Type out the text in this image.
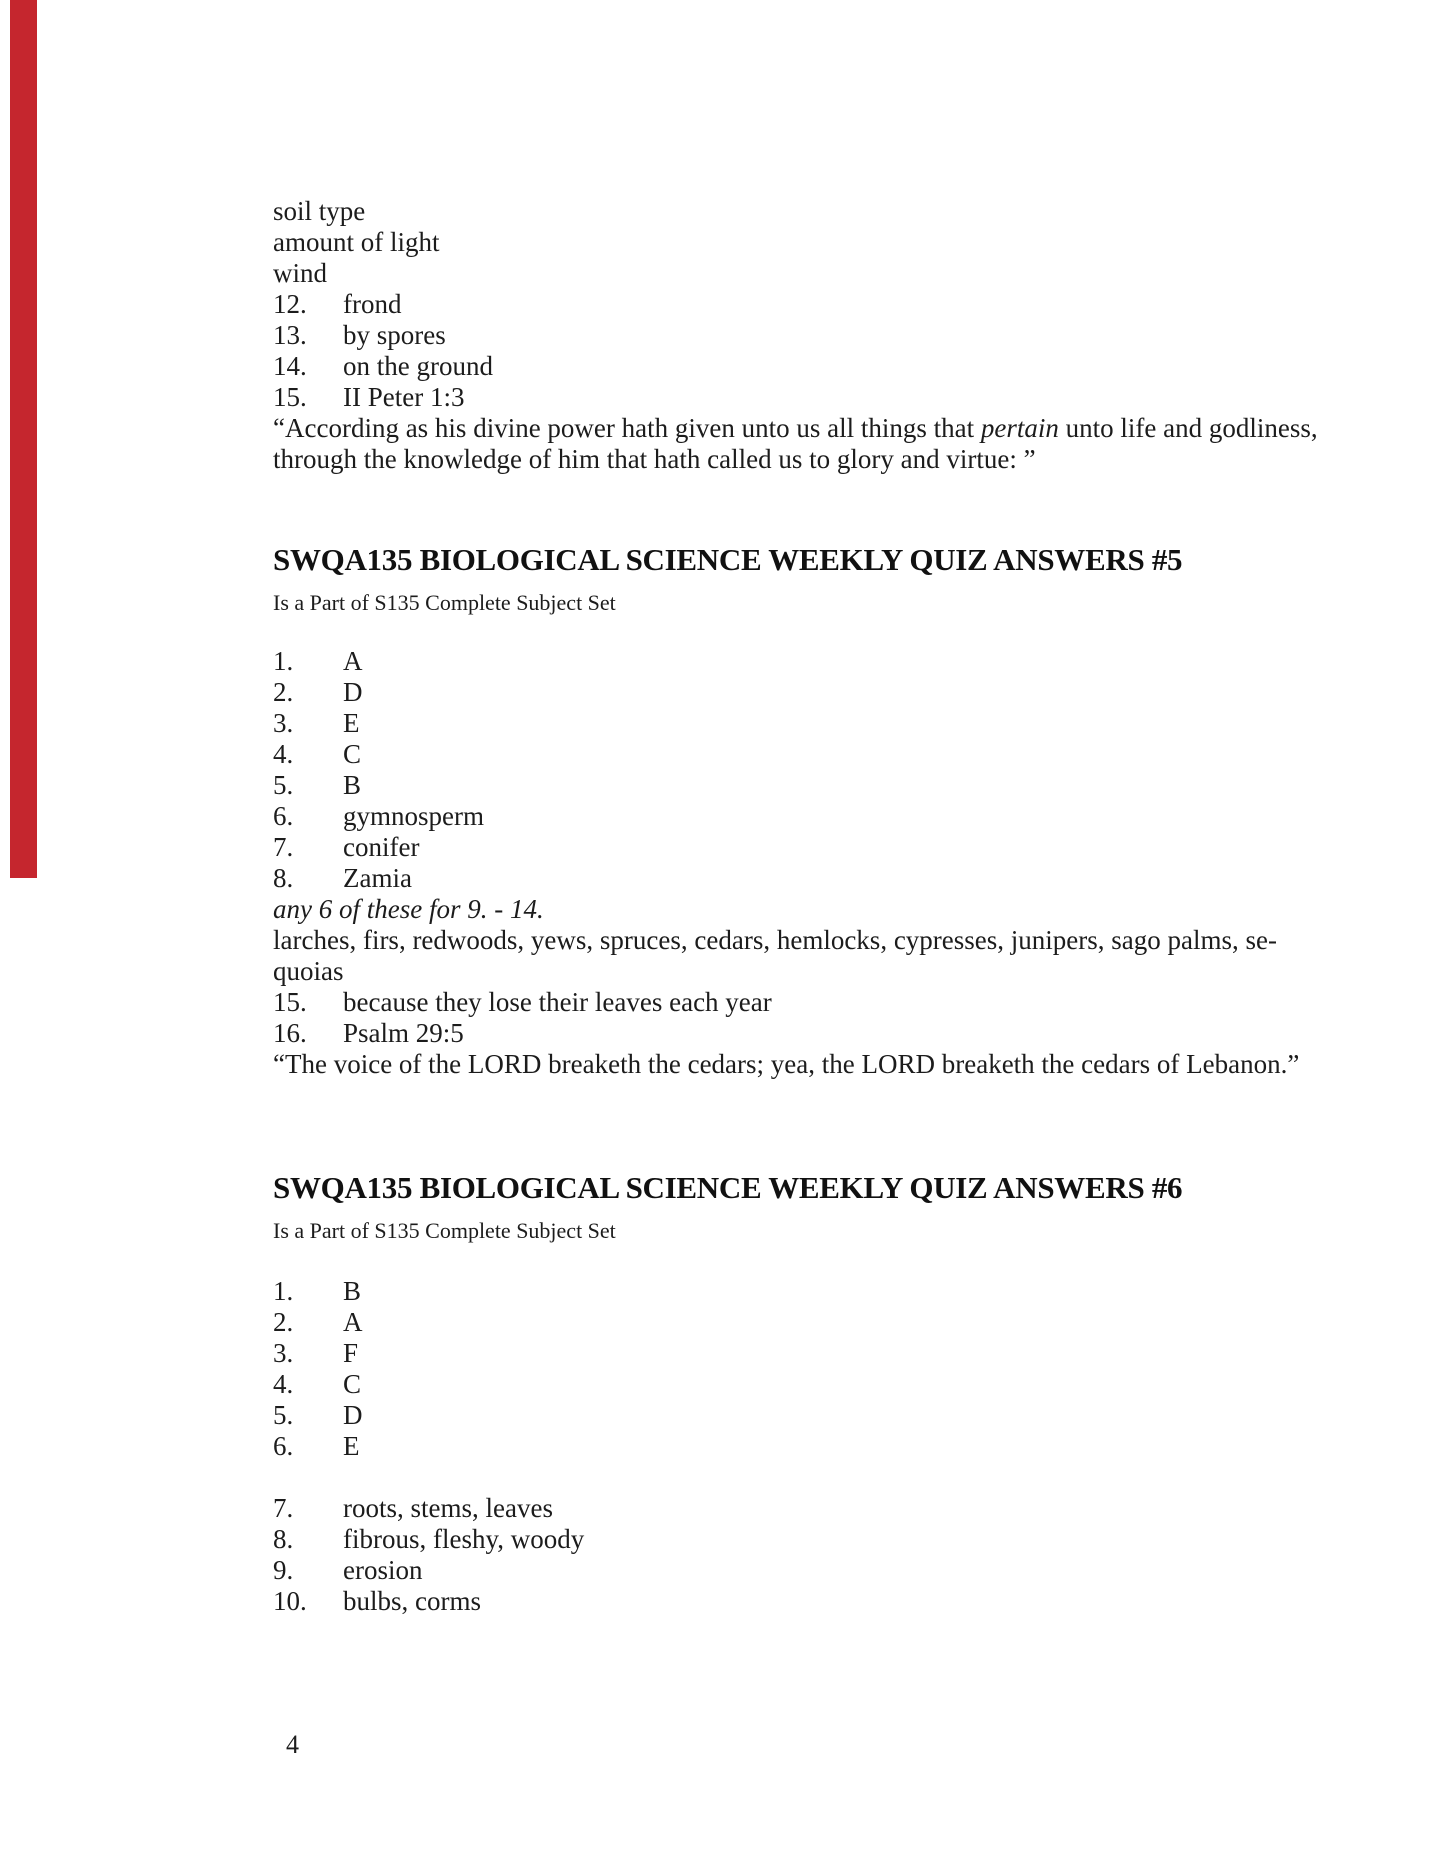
soil type
amount of light
wind
12. frond
13. by spores
14. on the ground
15. II Peter 1:3
“According as his divine power hath given unto us all things that pertain unto life and godliness,
through the knowledge of him that hath called us to glory and virtue: ”
SWQA135 BIOLOGICAL SCIENCE WEEKLY QUIZ ANSWERS #5
Is a Part of S135 Complete Subject Set
1. A
2. D
3. E
4. C
5. B
6. gymnosperm
7. conifer
8. Zamia
any 6 of these for 9. - 14.
larches, firs, redwoods, yews, spruces, cedars, hemlocks, cypresses, junipers, sago palms, se-
quoias
15. because they lose their leaves each year
16. Psalm 29:5
“The voice of the LORD breaketh the cedars; yea, the LORD breaketh the cedars of Lebanon.”
SWQA135 BIOLOGICAL SCIENCE WEEKLY QUIZ ANSWERS #6
Is a Part of S135 Complete Subject Set
1. B
2. A
3. F
4. C
5. D
6. E
7. roots, stems, leaves
8. fibrous, fleshy, woody
9. erosion
10. bulbs, corms
4
